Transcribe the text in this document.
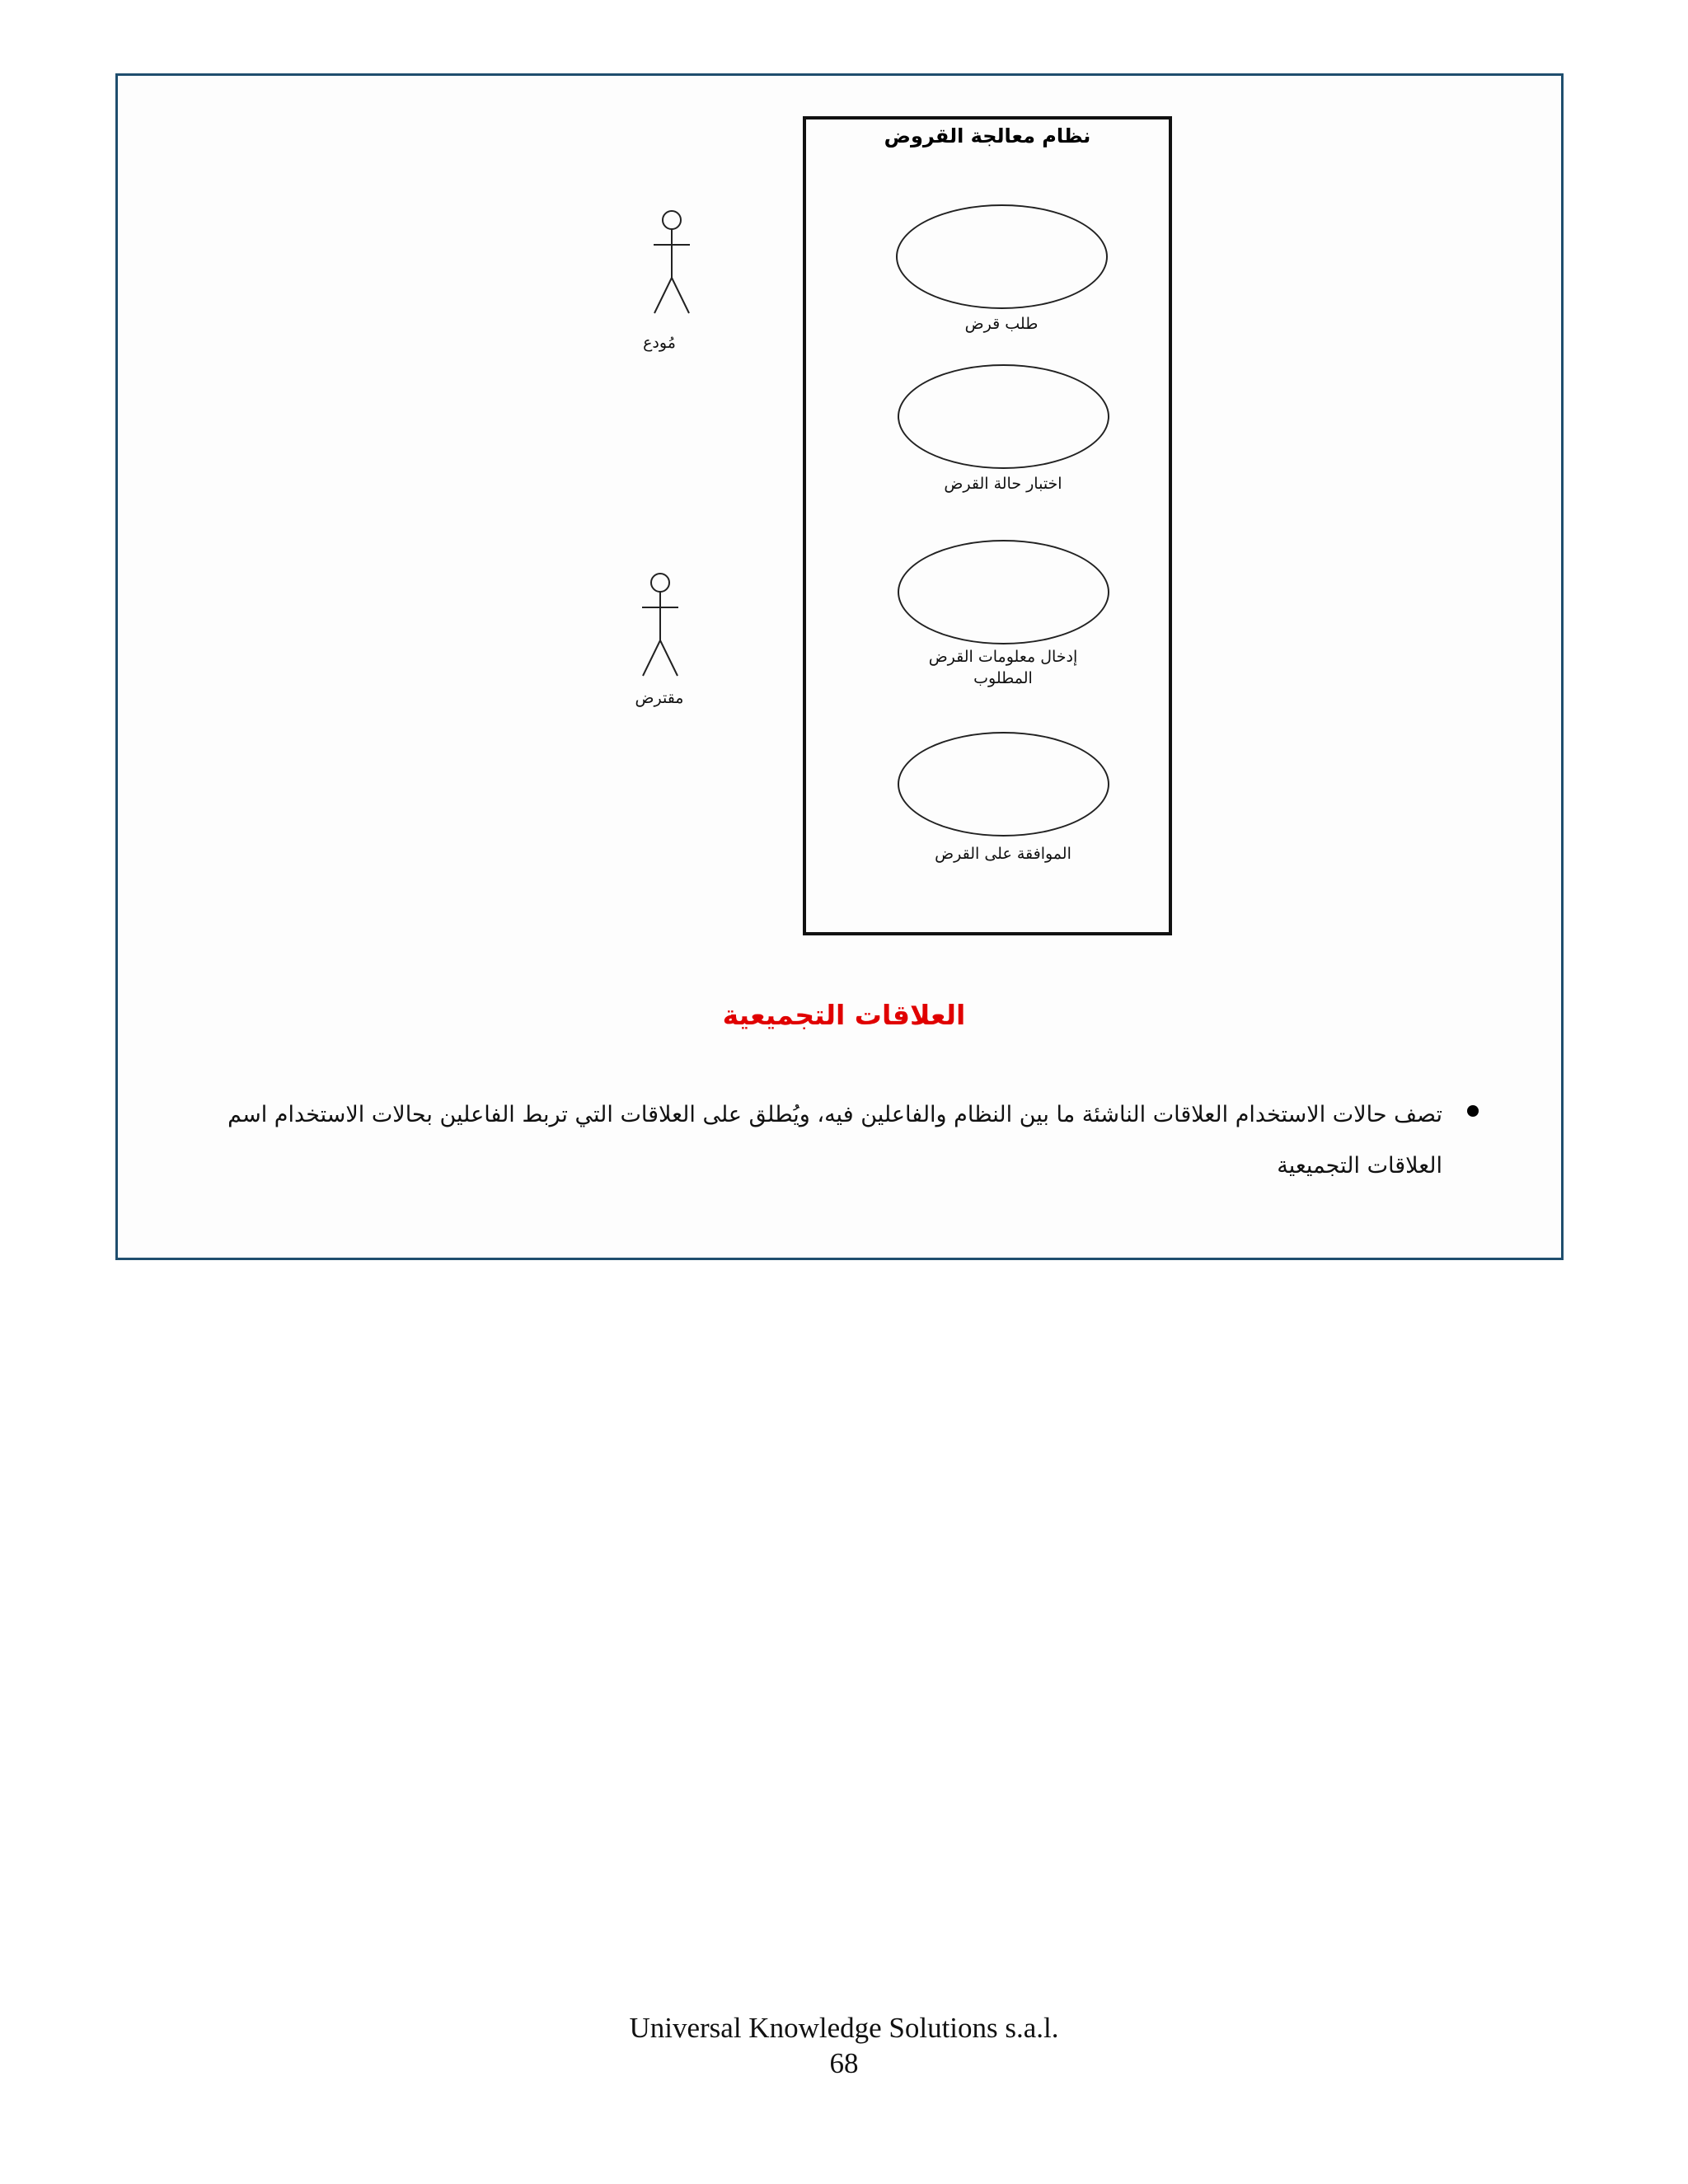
مُودع
مقترض
نظام معالجة القروض
طلب قرض
اختبار حالة القرض
إدخال معلومات القرض
المطلوب
الموافقة على القرض
العلاقات التجميعية
تصف حالات الاستخدام العلاقات الناشئة ما بين النظام والفاعلين فيه، ويُطلق على العلاقات التي تربط الفاعلين بحالات الاستخدام اسم العلاقات التجميعية
Universal Knowledge Solutions s.a.l.
68
